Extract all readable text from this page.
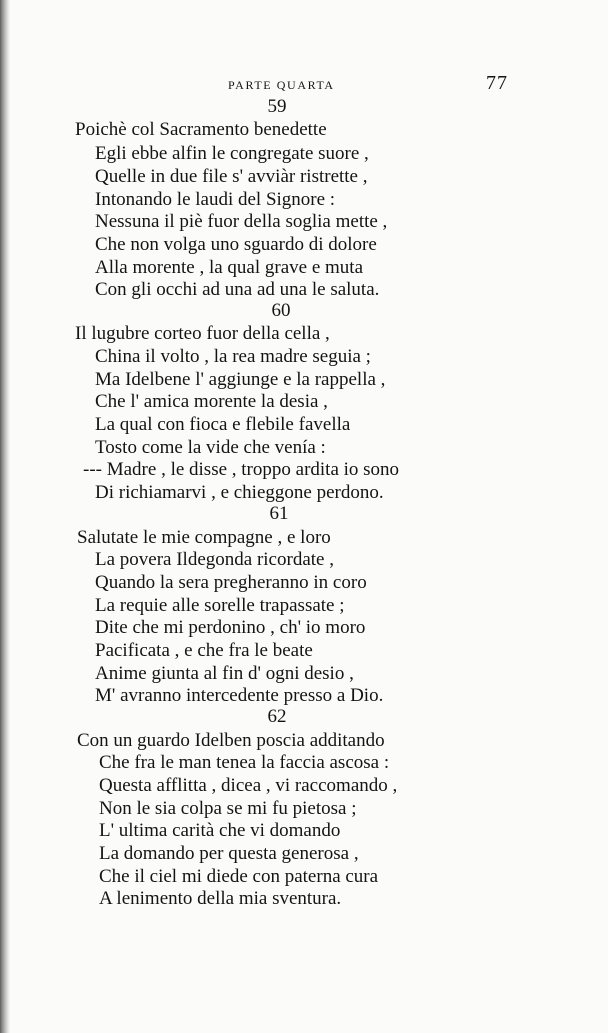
PARTE QUARTA	77
59
Poichè col Sacramento benedette
Egli ebbe alfin le congregate suore ,
Quelle in due file s' avviàr ristrette ,
Intonando le laudi del Signore :
Nessuna il piè fuor della soglia mette ,
Che non volga uno sguardo di dolore
Alla morente , la qual grave e muta
Con gli occhi ad una ad una le saluta.
60
Il lugubre corteo fuor della cella ,
China il volto , la rea madre seguia ;
Ma Idelbene l' aggiunge e la rappella ,
Che l' amica morente la desia ,
La qual con fioca e flebile favella
Tosto come la vide che venía :
--- Madre , le disse , troppo ardita io sono
Di richiamarvi , e chieggone perdono.
61
Salutate le mie compagne , e loro
La povera Ildegonda ricordate ,
Quando la sera pregheranno in coro
La requie alle sorelle trapassate ;
Dite che mi perdonino , ch' io moro
Pacificata , e che fra le beate
Anime giunta al fin d' ogni desio ,
M' avranno intercedente presso a Dio.
62
Con un guardo Idelben poscia additando
Che fra le man tenea la faccia ascosa :
Questa afflitta , dicea , vi raccomando ,
Non le sia colpa se mi fu pietosa ;
L' ultima carità che vi domando
La domando per questa generosa ,
Che il ciel mi diede con paterna cura
A lenimento della mia sventura.
